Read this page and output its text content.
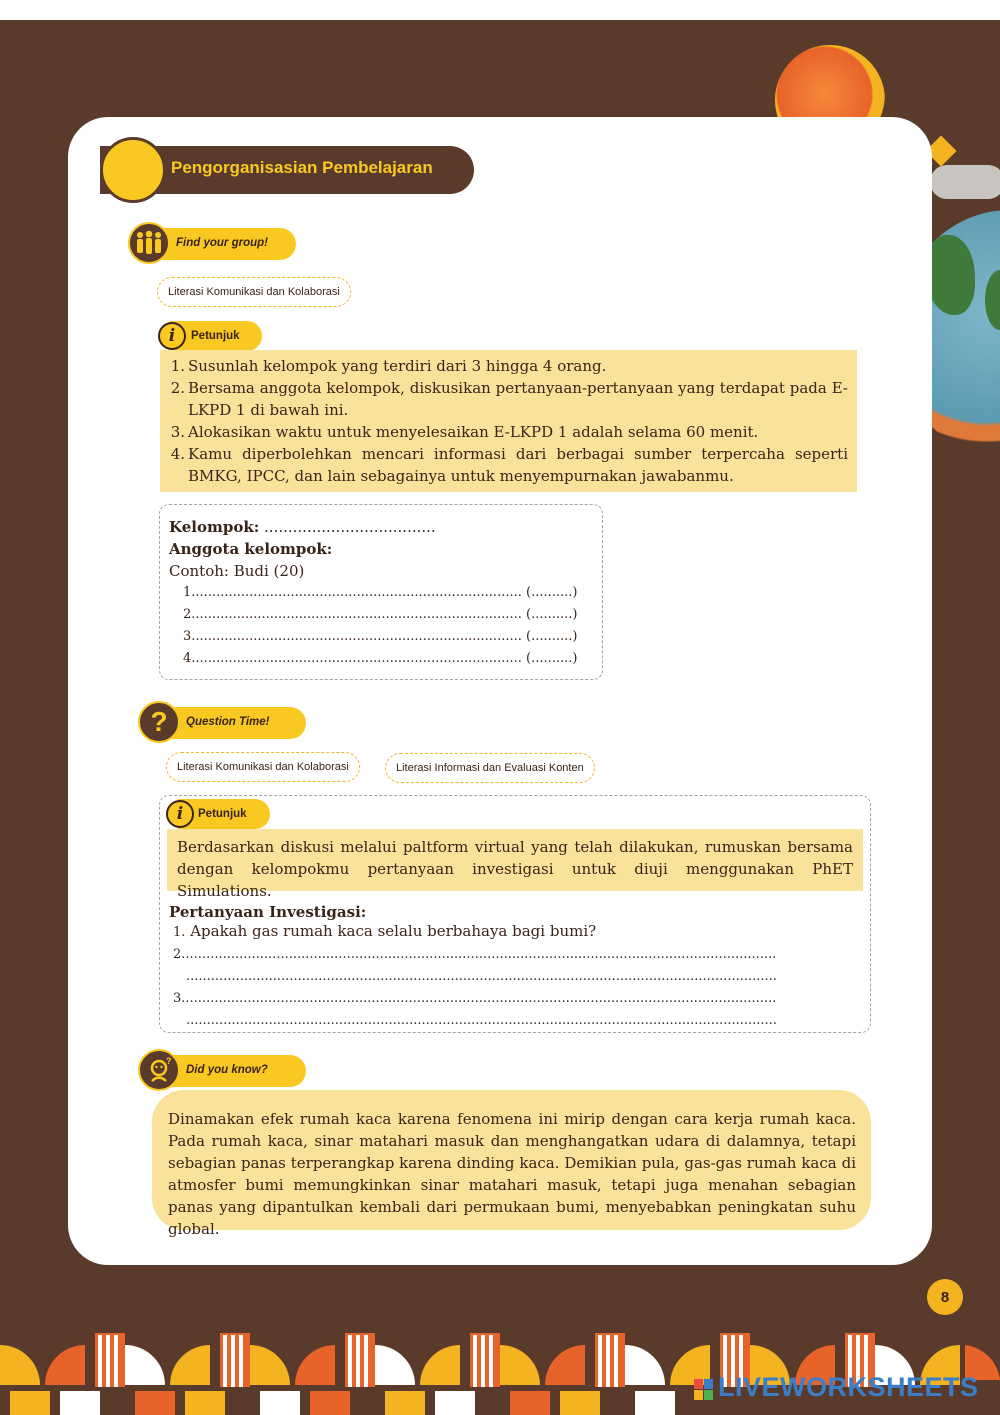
Pengorganisasian Pembelajaran
Find your group!
Literasi Komunikasi dan Kolaborasi
i	Petunjuk
1. Susunlah kelompok yang terdiri dari 3 hingga 4 orang.
2. Bersama anggota kelompok, diskusikan pertanyaan-pertanyaan yang terdapat pada E-LKPD 1 di bawah ini.
3. Alokasikan waktu untuk menyelesaikan E-LKPD 1 adalah selama 60 menit.
4. Kamu diperbolehkan mencari informasi dari berbagai sumber terpercaha seperti BMKG, IPCC, dan lain sebagainya untuk menyempurnakan jawabanmu.
Kelompok: ....................................
Anggota kelompok:
Contoh: Budi (20)
1................................................................................ (..........)
2................................................................................ (..........)
3................................................................................ (..........)
4................................................................................ (..........)
?	Question Time!
Literasi Komunikasi dan Kolaborasi	Literasi Informasi dan Evaluasi Konten
i	Petunjuk
Berdasarkan diskusi melalui paltform virtual yang telah dilakukan, rumuskan bersama dengan kelompokmu pertanyaan investigasi untuk diuji menggunakan PhET Simulations.
Pertanyaan Investigasi:
1. Apakah gas rumah kaca selalu berbahaya bagi bumi?
2................................................................................................................................................
...............................................................................................................................................
3................................................................................................................................................
...............................................................................................................................................
?
Did you know?
Dinamakan efek rumah kaca karena fenomena ini mirip dengan cara kerja rumah kaca. Pada rumah kaca, sinar matahari masuk dan menghangatkan udara di dalamnya, tetapi sebagian panas terperangkap karena dinding kaca. Demikian pula, gas-gas rumah kaca di atmosfer bumi memungkinkan sinar matahari masuk, tetapi juga menahan sebagian panas yang dipantulkan kembali dari permukaan bumi, menyebabkan peningkatan suhu global.
8
LIVEWORKSHEETS
